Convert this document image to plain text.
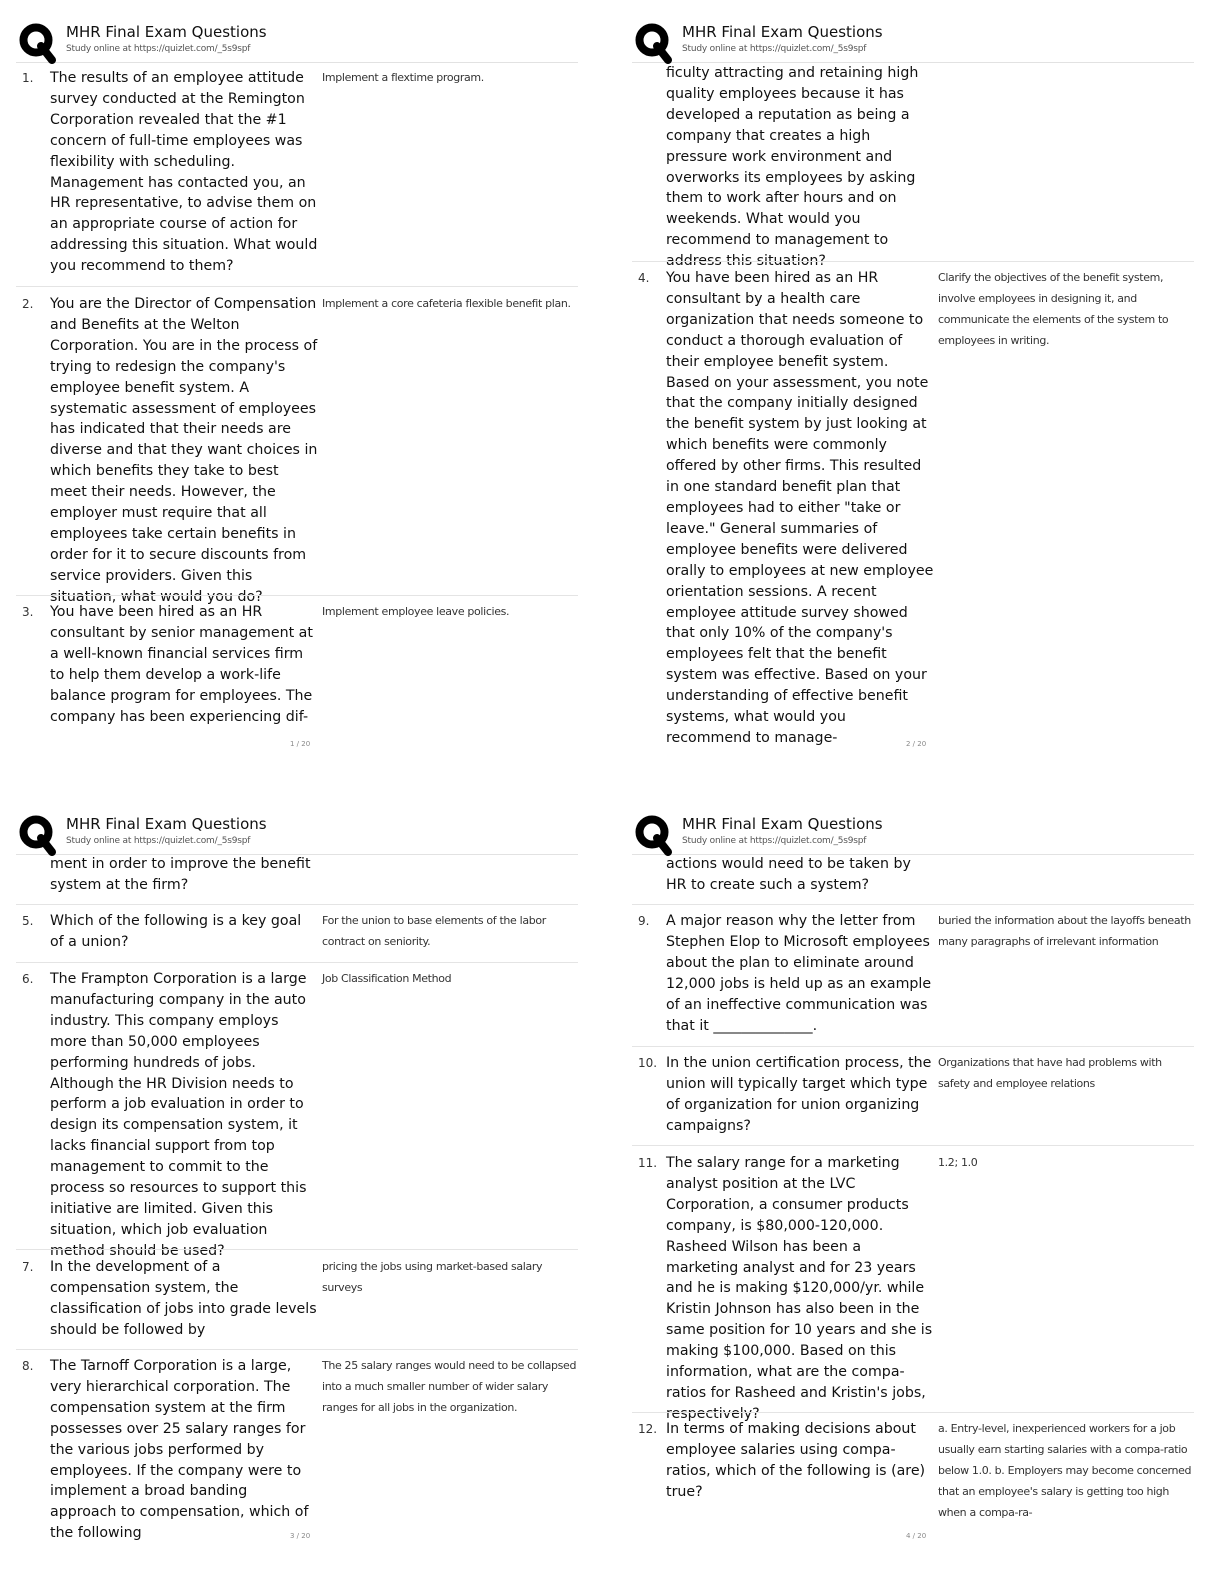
MHR Final Exam Questions
Study online at https://quizlet.com/_5s9spf
1.	The results of an employee attitude survey conducted at the Remington Corporation revealed that the #1 concern of full-time employees was flexibility with scheduling. Management has contacted you, an HR representative, to advise them on an appropriate course of action for addressing this situation. What would you recommend to them?

Implement a flextime program.

2.	You are the Director of Compensation and Benefits at the Welton Corporation. You are in the process of trying to redesign the company's employee benefit system. A systematic assessment of employees has indicated that their needs are diverse and that they want choices in which benefits they take to best meet their needs. However, the employer must require that all employees take certain benefits in order for it to secure discounts from service providers. Given this situation, what would you do?

Implement a core cafeteria flexible benefit plan.

3.	You have been hired as an HR consultant by senior management at a well-known financial services firm to help them develop a work-life balance program for employees. The company has been experiencing dif-

Implement employee leave policies.

1 / 20
MHR Final Exam Questions
Study online at https://quizlet.com/_5s9spf

ficulty attracting and retaining high quality employees because it has developed a reputation as being a company that creates a high pressure work environment and overworks its employees by asking them to work after hours and on weekends. What would you recommend to management to address this situation?

4.	You have been hired as an HR consultant by a health care organization that needs someone to conduct a thorough evaluation of their employee benefit system. Based on your assessment, you note that the company initially designed the benefit system by just looking at which benefits were commonly offered by other firms. This resulted in one standard benefit plan that employees had to either "take or leave." General summaries of employee benefits were delivered orally to employees at new employee orientation sessions. A recent employee attitude survey showed that only 10% of the company's employees felt that the benefit system was effective. Based on your understanding of effective benefit systems, what would you recommend to manage-

Clarify the objectives of the benefit system, involve employees in designing it, and communicate the elements of the system to employees in writing.

2 / 20
MHR Final Exam Questions
Study online at https://quizlet.com/_5s9spf

ment in order to improve the benefit system at the firm?

5.	Which of the following is a key goal of a union?

For the union to base elements of the labor contract on seniority.

6.	The Frampton Corporation is a large manufacturing company in the auto industry. This company employs more than 50,000 employees performing hundreds of jobs. Although the HR Division needs to perform a job evaluation in order to design its compensation system, it lacks financial support from top management to commit to the process so resources to support this initiative are limited. Given this situation, which job evaluation method should be used?

Job Classification Method

7.	In the development of a compensation system, the classification of jobs into grade levels should be followed by

pricing the jobs using market-based salary surveys

8.	The Tarnoff Corporation is a large, very hierarchical corporation. The compensation system at the firm possesses over 25 salary ranges for the various jobs performed by employees. If the company were to implement a broad banding approach to compensation, which of the following

The 25 salary ranges would need to be collapsed into a much smaller number of wider salary ranges for all jobs in the organization.

3 / 20
MHR Final Exam Questions
Study online at https://quizlet.com/_5s9spf

actions would need to be taken by HR to create such a system?

9.	A major reason why the letter from Stephen Elop to Microsoft employees about the plan to eliminate around 12,000 jobs is held up as an example of an ineffective communication was that it ______________.

buried the information about the layoffs beneath many paragraphs of irrelevant information

10. In the union certification process, the union will typically target which type of organization for union organizing campaigns?

Organizations that have had problems with safety and employee relations

11. The salary range for a marketing analyst position at the LVC Corporation, a consumer products company, is $80,000-120,000. Rasheed Wilson has been a marketing analyst and for 23 years and he is making $120,000/yr. while Kristin Johnson has also been in the same position for 10 years and she is making $100,000. Based on this information, what are the compa-ratios for Rasheed and Kristin's jobs, respectively?

1.2; 1.0

12. In terms of making decisions about employee salaries using compa-ratios, which of the following is (are) true?

a. Entry-level, inexperienced workers for a job usually earn starting salaries with a compa-ratio below 1.0. b. Employers may become concerned that an employee's salary is getting too high when a compa-ra-

4 / 20
